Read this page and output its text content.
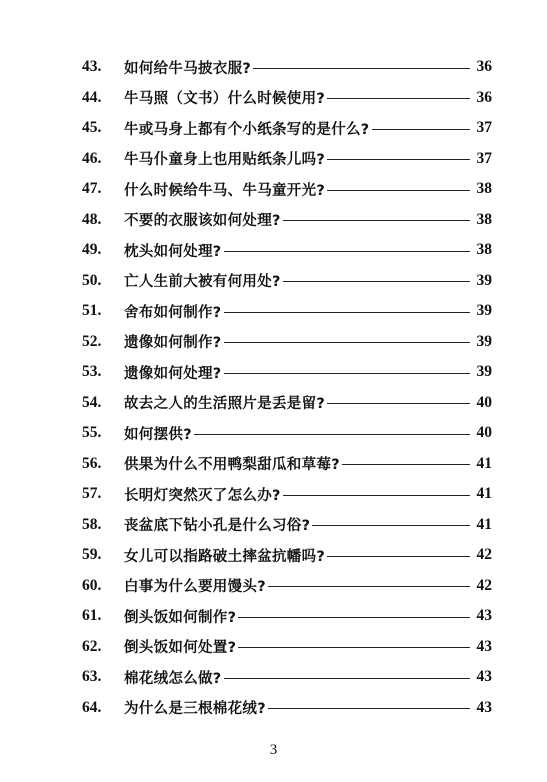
43.	如何给牛马披衣服?	36
44.	牛马照（文书）什么时候使用?	36
45.	牛或马身上都有个小纸条写的是什么?	37
46.	牛马仆童身上也用贴纸条儿吗?	37
47.	什么时候给牛马、牛马童开光?	38
48.	不要的衣服该如何处理?	38
49.	枕头如何处理?	38
50.	亡人生前大被有何用处?	39
51.	舍布如何制作?	39
52.	遗像如何制作?	39
53.	遗像如何处理?	39
54.	故去之人的生活照片是丢是留?	40
55.	如何摆供?	40
56.	供果为什么不用鸭梨甜瓜和草莓?	41
57.	长明灯突然灭了怎么办?	41
58.	丧盆底下钻小孔是什么习俗?	41
59.	女儿可以指路破土摔盆抗幡吗?	42
60.	白事为什么要用馒头?	42
61.	倒头饭如何制作?	43
62.	倒头饭如何处置?	43
63.	棉花绒怎么做?	43
64.	为什么是三根棉花绒?	43
3
